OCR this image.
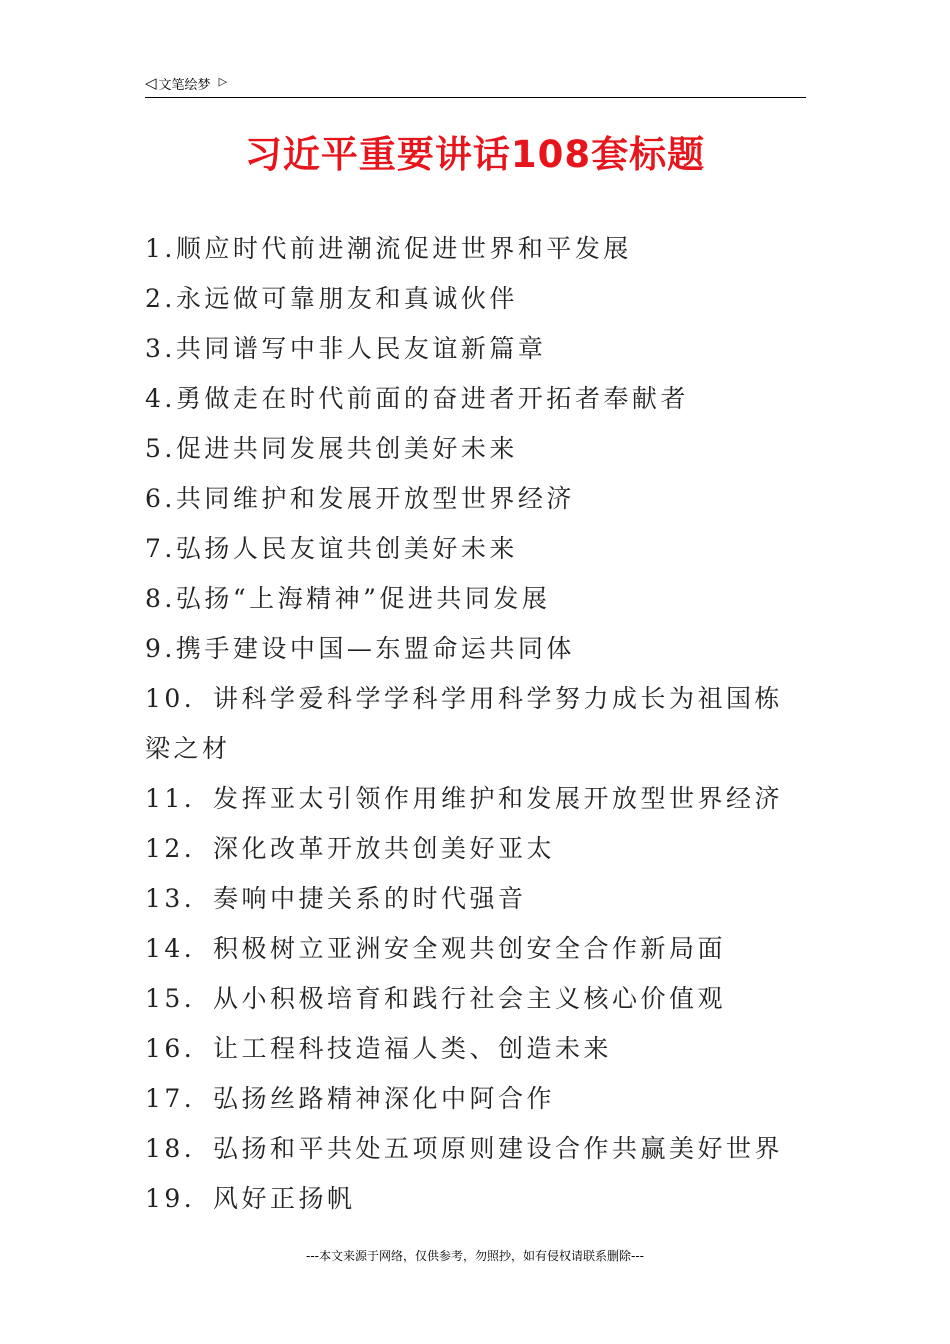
◁ 文笔绘梦 ▷
习近平重要讲话108套标题
1.顺应时代前进潮流促进世界和平发展
2.永远做可靠朋友和真诚伙伴
3.共同谱写中非人民友谊新篇章
4.勇做走在时代前面的奋进者开拓者奉献者
5.促进共同发展共创美好未来
6.共同维护和发展开放型世界经济
7.弘扬人民友谊共创美好未来
8.弘扬“上海精神”促进共同发展
9.携手建设中国—东盟命运共同体
10. 讲科学爱科学学科学用科学努力成长为祖国栋梁之材
11. 发挥亚太引领作用维护和发展开放型世界经济
12. 深化改革开放共创美好亚太
13. 奏响中捷关系的时代强音
14. 积极树立亚洲安全观共创安全合作新局面
15. 从小积极培育和践行社会主义核心价值观
16. 让工程科技造福人类、创造未来
17. 弘扬丝路精神深化中阿合作
18. 弘扬和平共处五项原则建设合作共赢美好世界
19. 风好正扬帆
---本文来源于网络，仅供参考，勿照抄，如有侵权请联系删除---
